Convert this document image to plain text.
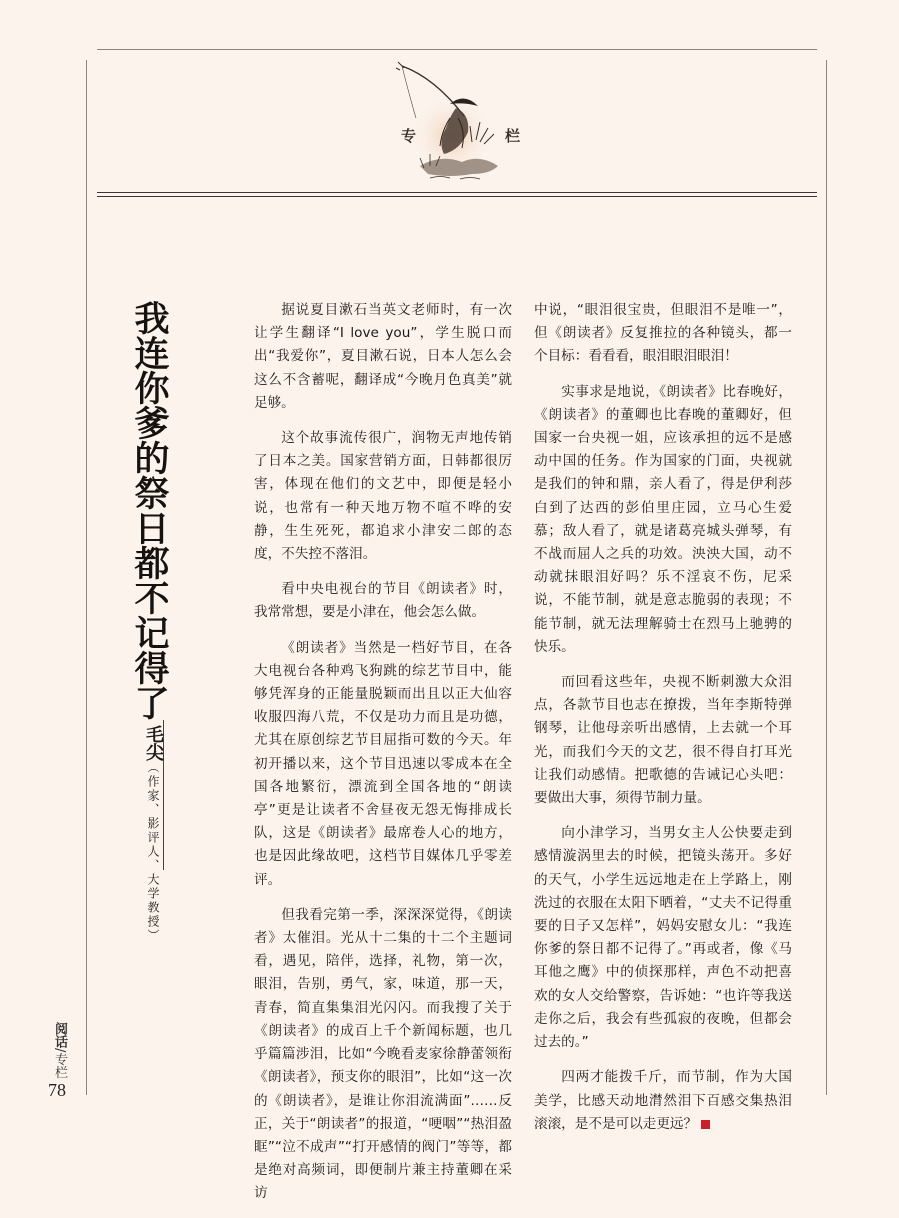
专	栏
我连你爹的祭日都不记得了
毛尖（作家、影评人、大学教授）

据说夏目漱石当英文老师时，有一次让学生翻译“I love you”，学生脱口而出“我爱你”，夏目漱石说，日本人怎么会这么不含蓄呢，翻译成“今晚月色真美”就足够。

这个故事流传很广，润物无声地传销了日本之美。国家营销方面，日韩都很厉害，体现在他们的文艺中，即便是轻小说，也常有一种天地万物不喧不哗的安静，生生死死，都追求小津安二郎的态度，不失控不落泪。

看中央电视台的节目《朗读者》时，我常常想，要是小津在，他会怎么做。

《朗读者》当然是一档好节目，在各大电视台各种鸡飞狗跳的综艺节目中，能够凭浑身的正能量脱颖而出且以正大仙容收服四海八荒，不仅是功力而且是功德，尤其在原创综艺节目屈指可数的今天。年初开播以来，这个节目迅速以零成本在全国各地繁衍，漂流到全国各地的“朗读亭”更是让读者不舍昼夜无怨无悔排成长队，这是《朗读者》最席卷人心的地方，也是因此缘故吧，这档节目媒体几乎零差评。

但我看完第一季，深深深觉得，《朗读者》太催泪。光从十二集的十二个主题词看，遇见，陪伴，选择，礼物，第一次，眼泪，告别，勇气，家，味道，那一天，青春，简直集集泪光闪闪。而我搜了关于《朗读者》的成百上千个新闻标题，也几乎篇篇涉泪，比如“今晚看麦家徐静蕾领衔《朗读者》，预支你的眼泪”，比如“这一次的《朗读者》，是谁让你泪流满面”……反正，关于“朗读者”的报道，“哽咽”“热泪盈眶”“泣不成声”“打开感情的阀门”等等，都是绝对高频词，即便制片兼主持董卿在采访

中说，“眼泪很宝贵，但眼泪不是唯一”，但《朗读者》反复推拉的各种镜头，都一个目标：看看看，眼泪眼泪眼泪！

实事求是地说，《朗读者》比春晚好，《朗读者》的董卿也比春晚的董卿好，但国家一台央视一姐，应该承担的远不是感动中国的任务。作为国家的门面，央视就是我们的钟和鼎，亲人看了，得是伊利莎白到了达西的彭伯里庄园，立马心生爱慕；敌人看了，就是诸葛亮城头弹琴，有不战而屈人之兵的功效。泱泱大国，动不动就抹眼泪好吗？乐不淫哀不伤，尼采说，不能节制，就是意志脆弱的表现；不能节制，就无法理解骑士在烈马上驰骋的快乐。

而回看这些年，央视不断刺激大众泪点，各款节目也志在撩拨，当年李斯特弹钢琴，让他母亲听出感情，上去就一个耳光，而我们今天的文艺，很不得自打耳光让我们动感情。把歌德的告诫记心头吧：要做出大事，须得节制力量。

向小津学习，当男女主人公快要走到感情漩涡里去的时候，把镜头荡开。多好的天气，小学生远远地走在上学路上，刚洗过的衣服在太阳下晒着，“丈夫不记得重要的日子又怎样”，妈妈安慰女儿：“我连你爹的祭日都不记得了。”再或者，像《马耳他之鹰》中的侦探那样，声色不动把喜欢的女人交给警察，告诉她：“也许等我送走你之后，我会有些孤寂的夜晚，但都会过去的。”

四两才能拨千斤，而节制，作为大国美学，比感天动地潸然泪下百感交集热泪滚滚，是不是可以走更远？

阅话/专栏
78
